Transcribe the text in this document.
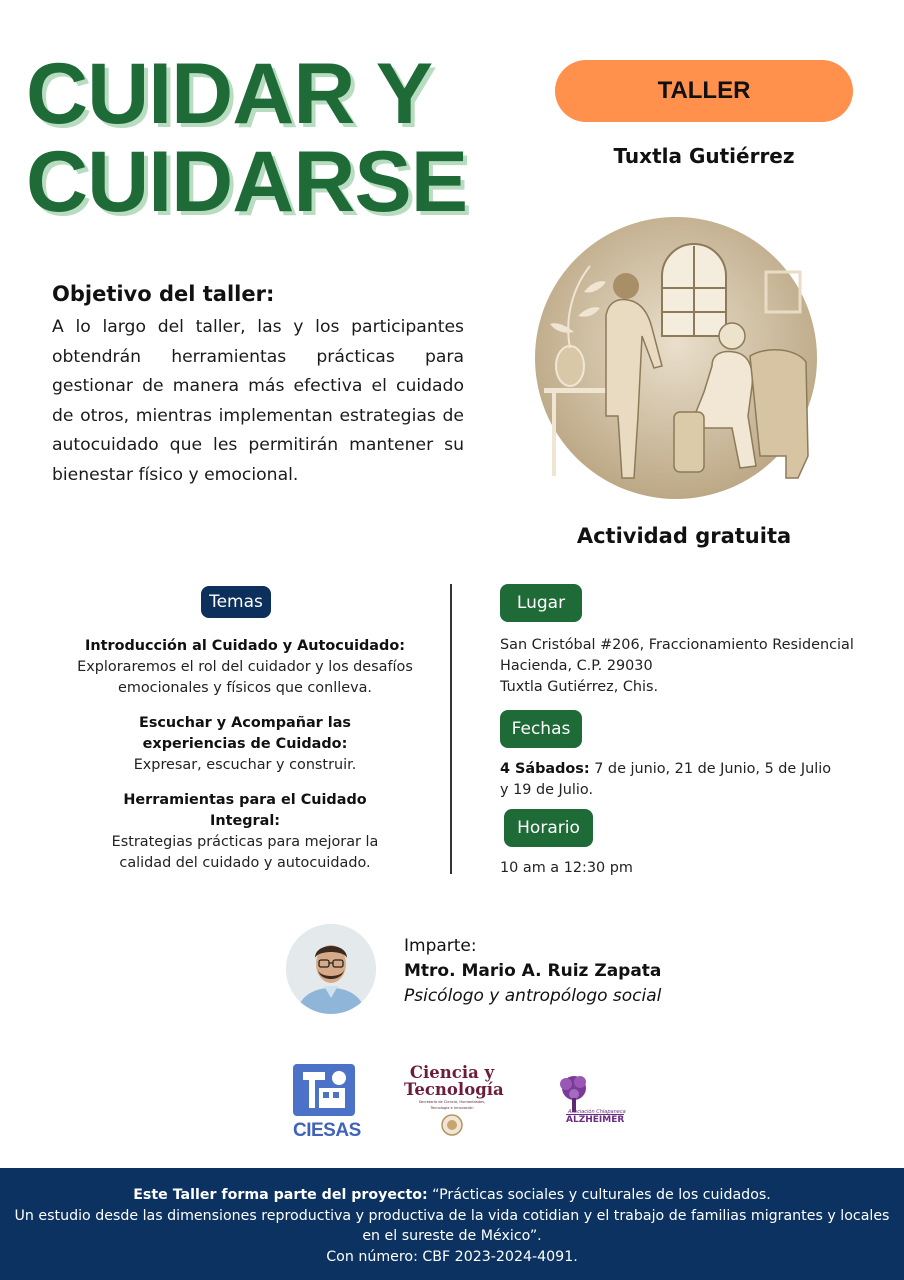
CUIDAR Y
CUIDARSE
TALLER
Tuxtla Gutiérrez
Actividad gratuita
Objetivo del taller:
A lo largo del taller, las y los participantes obtendrán herramientas prácticas para gestionar de manera más efectiva el cuidado de otros, mientras implementan estrategias de autocuidado que les permitirán mantener su bienestar físico y emocional.
Temas
Introducción al Cuidado y Autocuidado:
Exploraremos el rol del cuidador y los desafíos emocionales y físicos que conlleva.
Escuchar y Acompañar las experiencias de Cuidado:
Expresar, escuchar y construir.
Herramientas para el Cuidado Integral:
Estrategias prácticas para mejorar la calidad del cuidado y autocuidado.
Lugar
San Cristóbal #206, Fraccionamiento Residencial
Hacienda, C.P. 29030
Tuxtla Gutiérrez, Chis.
Fechas
4 Sábados: 7 de junio, 21 de Junio, 5 de Julio
y 19 de Julio.
Horario
10 am a 12:30 pm
Imparte:
Mtro. Mario A. Ruiz Zapata
Psicólogo y antropólogo social
CIESAS
Ciencia y
Tecnología
Secretaría de Ciencia, Humanidades,
Tecnología e Innovación
Asociación Chiapaneca
ALZHEIMER
Este Taller forma parte del proyecto: “Prácticas sociales y culturales de los cuidados.
Un estudio desde las dimensiones reproductiva y productiva de la vida cotidian y el trabajo de familias migrantes y locales
en el sureste de México”.
Con número: CBF 2023-2024-4091.
